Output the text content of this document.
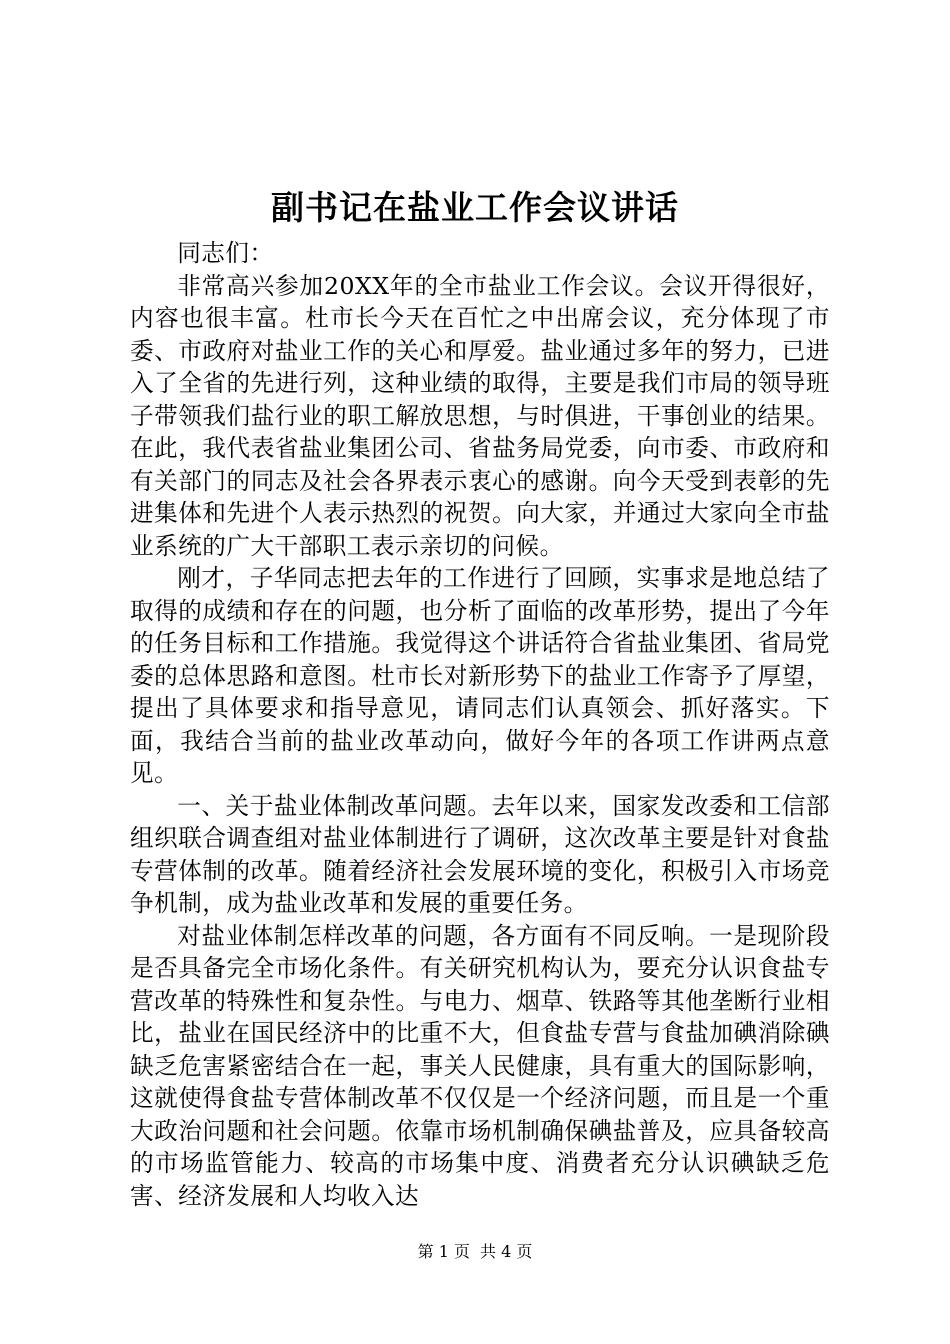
副书记在盐业工作会议讲话

同志们：

非常高兴参加20XX年的全市盐业工作会议。会议开得很好，内容也很丰富。杜市长今天在百忙之中出席会议，充分体现了市委、市政府对盐业工作的关心和厚爱。盐业通过多年的努力，已进入了全省的先进行列，这种业绩的取得，主要是我们市局的领导班子带领我们盐行业的职工解放思想，与时俱进，干事创业的结果。在此，我代表省盐业集团公司、省盐务局党委，向市委、市政府和有关部门的同志及社会各界表示衷心的感谢。向今天受到表彰的先进集体和先进个人表示热烈的祝贺。向大家，并通过大家向全市盐业系统的广大干部职工表示亲切的问候。

刚才，子华同志把去年的工作进行了回顾，实事求是地总结了取得的成绩和存在的问题，也分析了面临的改革形势，提出了今年的任务目标和工作措施。我觉得这个讲话符合省盐业集团、省局党委的总体思路和意图。杜市长对新形势下的盐业工作寄予了厚望，提出了具体要求和指导意见，请同志们认真领会、抓好落实。下面，我结合当前的盐业改革动向，做好今年的各项工作讲两点意见。

一、关于盐业体制改革问题。去年以来，国家发改委和工信部组织联合调查组对盐业体制进行了调研，这次改革主要是针对食盐专营体制的改革。随着经济社会发展环境的变化，积极引入市场竞争机制，成为盐业改革和发展的重要任务。

对盐业体制怎样改革的问题，各方面有不同反响。一是现阶段是否具备完全市场化条件。有关研究机构认为，要充分认识食盐专营改革的特殊性和复杂性。与电力、烟草、铁路等其他垄断行业相比，盐业在国民经济中的比重不大，但食盐专营与食盐加碘消除碘缺乏危害紧密结合在一起，事关人民健康，具有重大的国际影响，这就使得食盐专营体制改革不仅仅是一个经济问题，而且是一个重大政治问题和社会问题。依靠市场机制确保碘盐普及，应具备较高的市场监管能力、较高的市场集中度、消费者充分认识碘缺乏危害、经济发展和人均收入达

第 1 页 共 4 页
